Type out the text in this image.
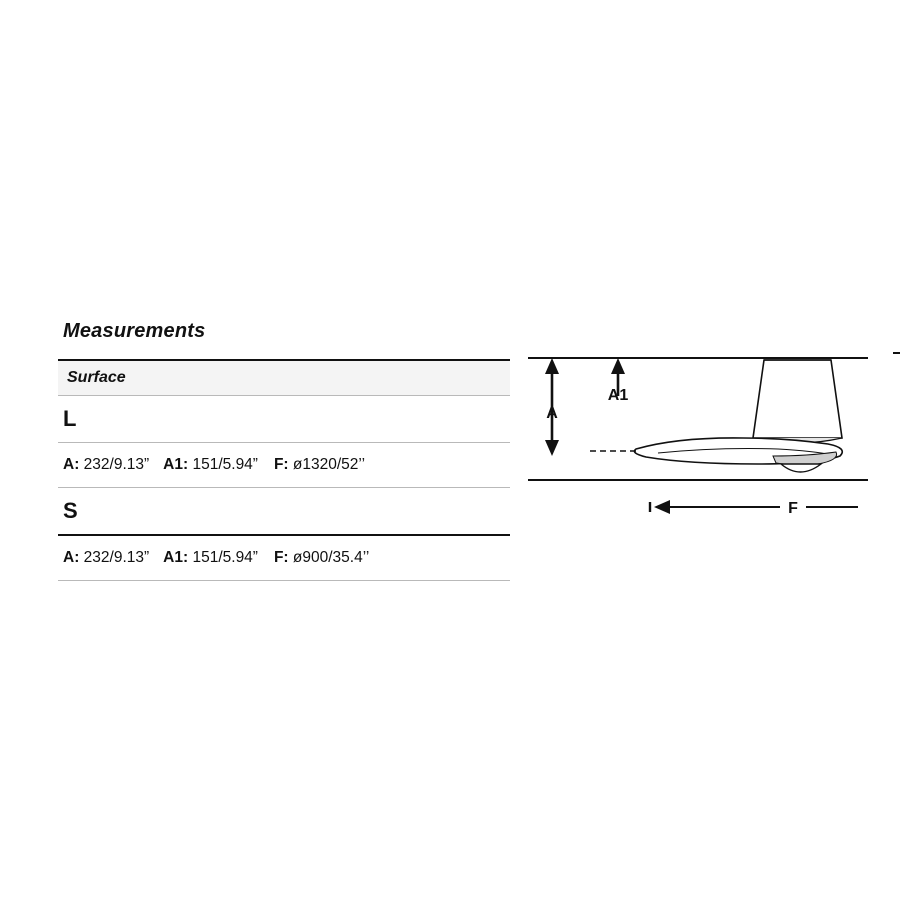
Measurements
Surface
L
A: 232/9.13” A1: 151/5.94” F: ø1320/52’’
S
A: 232/9.13” A1: 151/5.94” F: ø900/35.4’’
A
A1
F
